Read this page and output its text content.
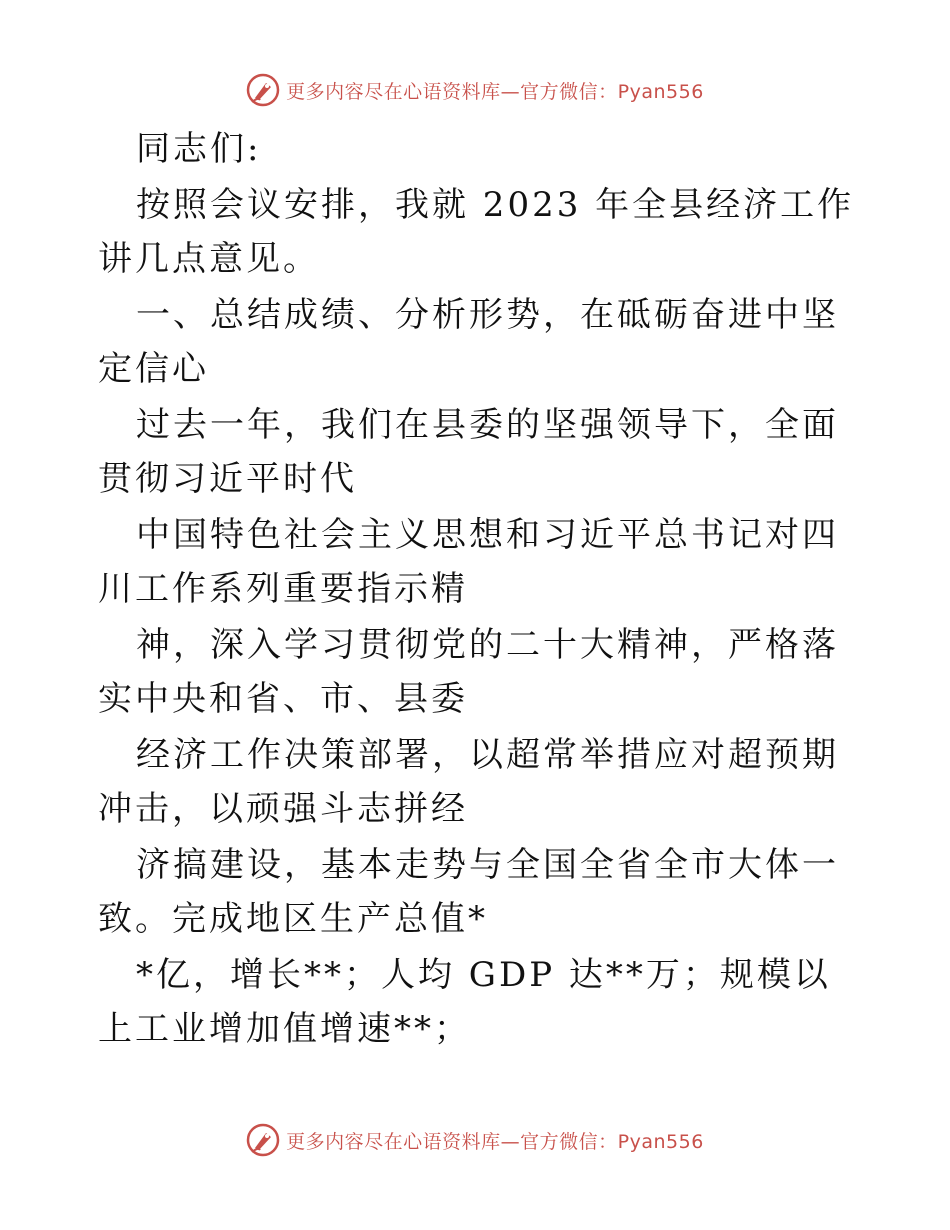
更多内容尽在心语资料库—官方微信：Pyan556

同志们:

按照会议安排，我就 2023 年全县经济工作讲几点意见。

一、总结成绩、分析形势，在砥砺奋进中坚定信心

过去一年，我们在县委的坚强领导下，全面贯彻习近平时代

中国特色社会主义思想和习近平总书记对四川工作系列重要指示精

神，深入学习贯彻党的二十大精神，严格落实中央和省、市、县委

经济工作决策部署，以超常举措应对超预期冲击，以顽强斗志拼经

济搞建设，基本走势与全国全省全市大体一致。完成地区生产总值*

*亿，增长**；人均 GDP 达**万；规模以上工业增加值增速**；

更多内容尽在心语资料库—官方微信：Pyan556
